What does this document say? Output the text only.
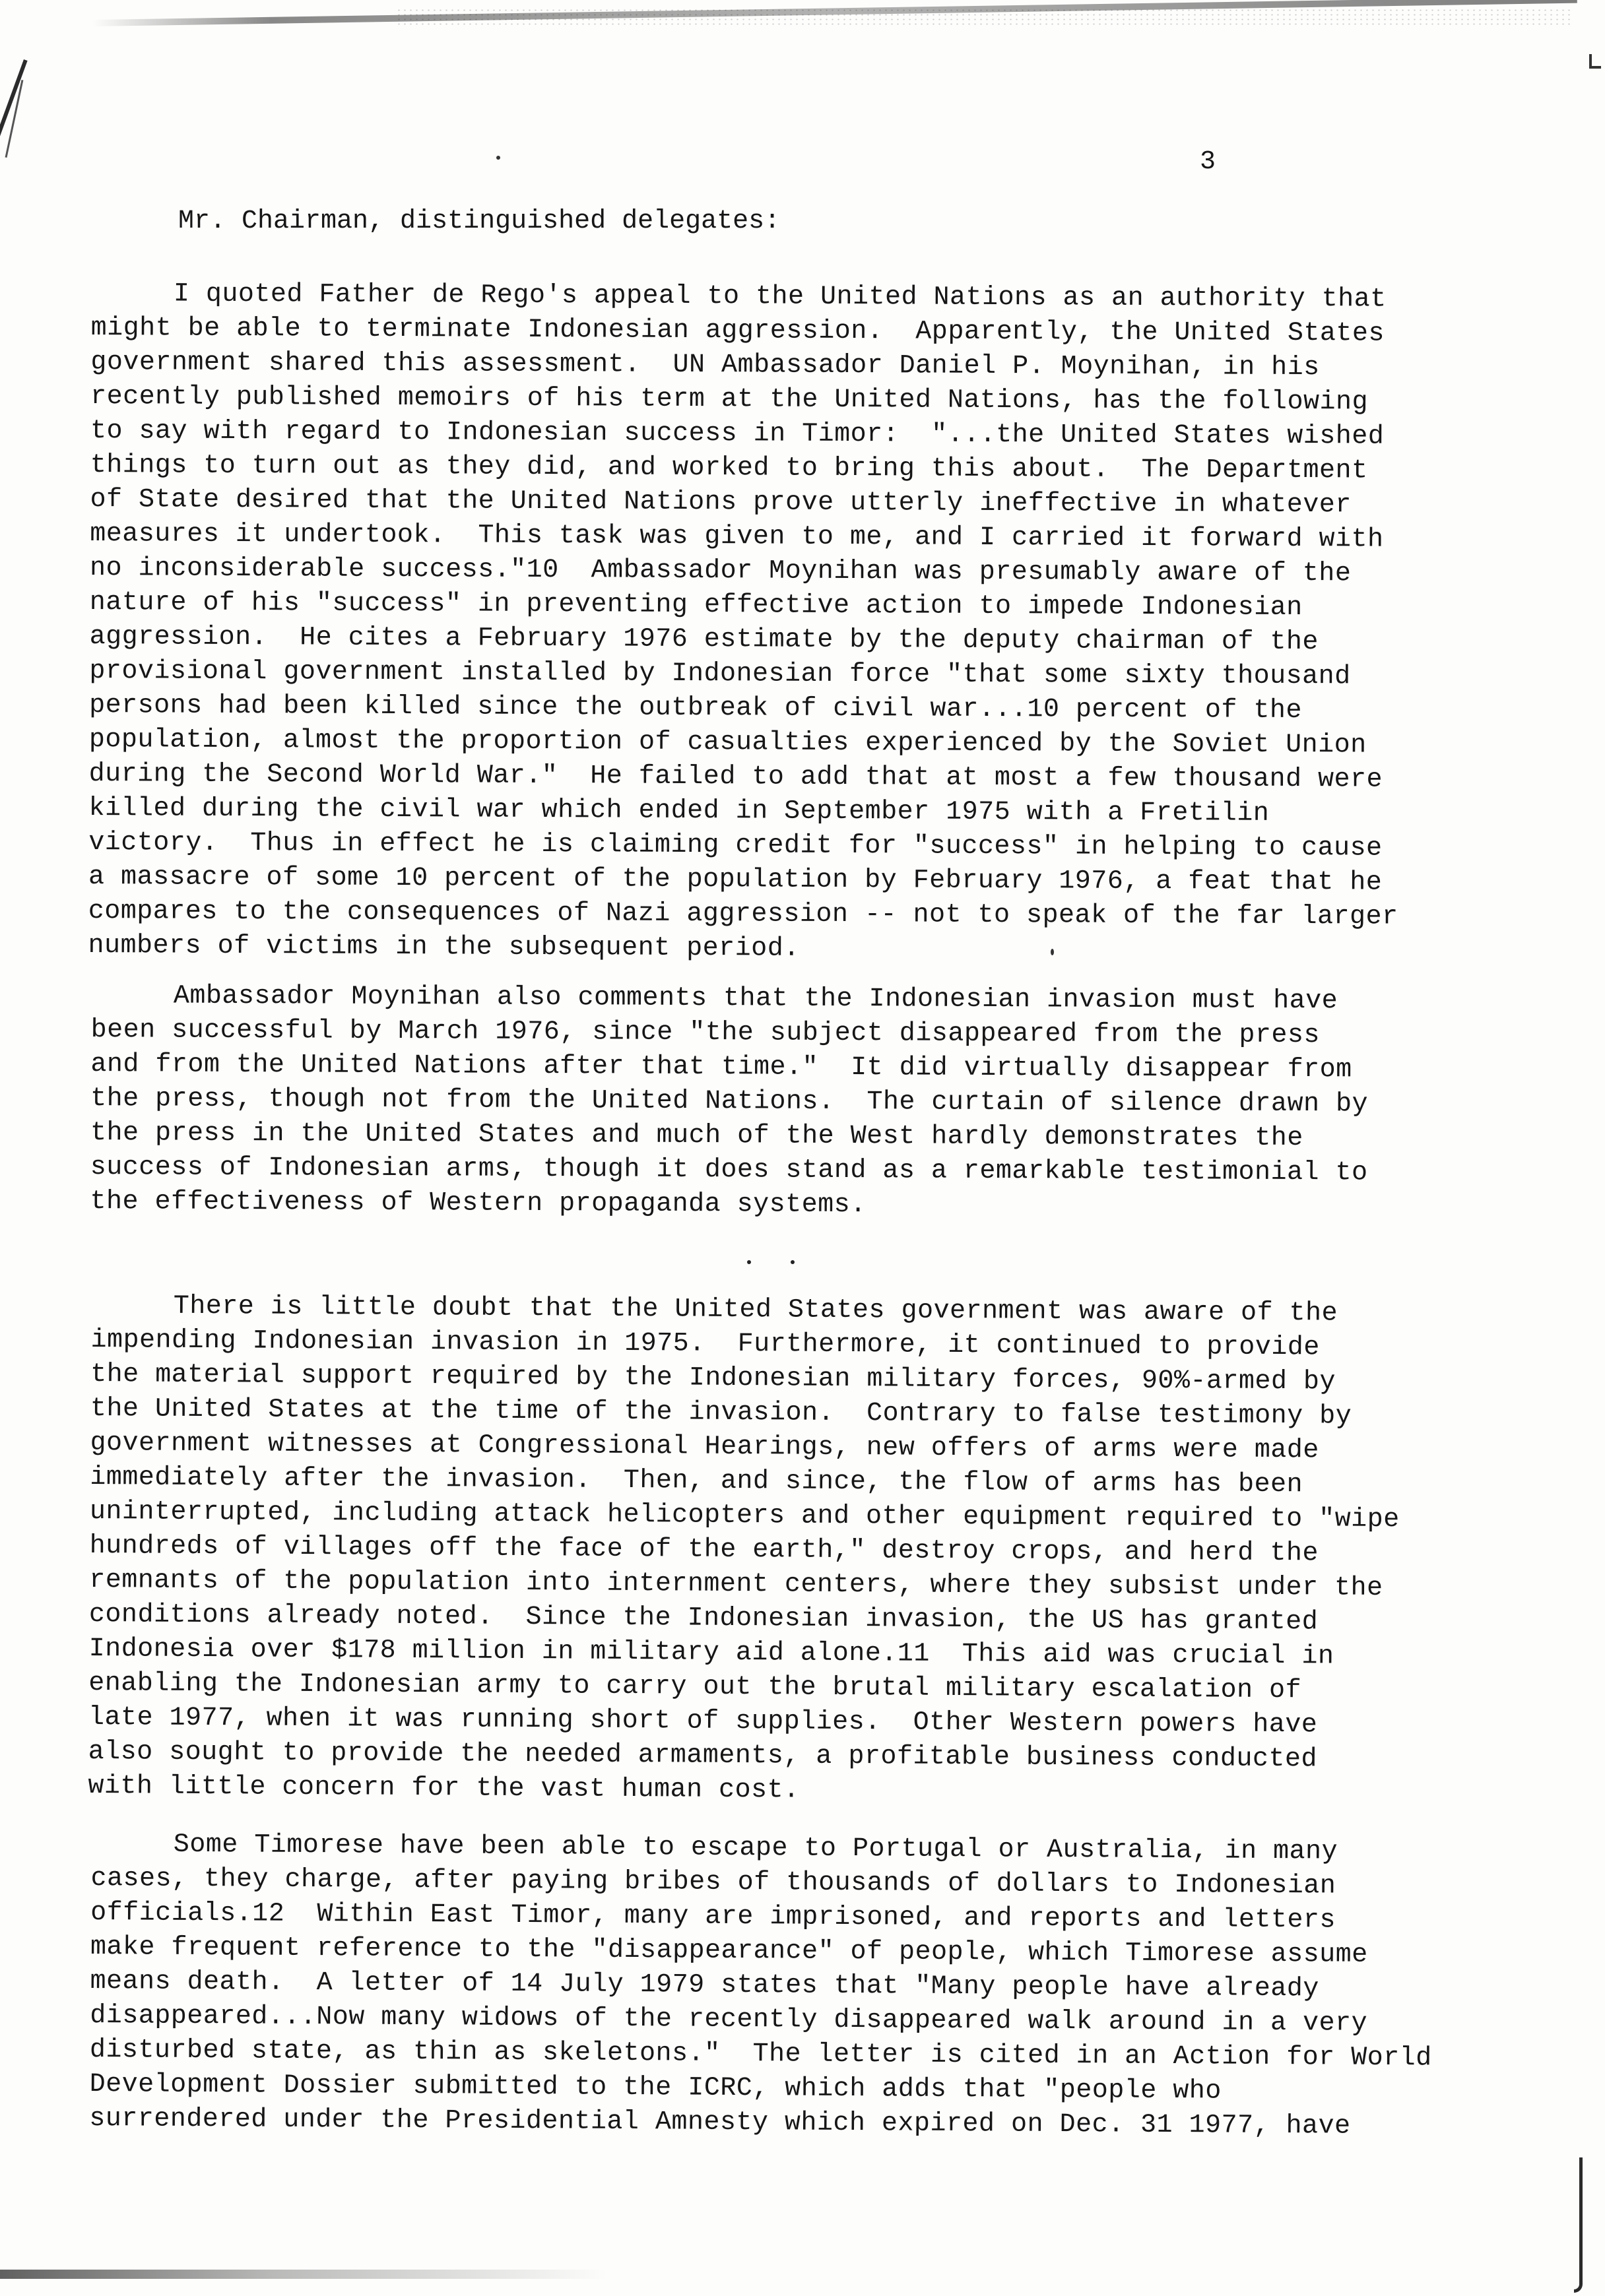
3
Mr. Chairman, distinguished delegates:
I quoted Father de Rego's appeal to the United Nations as an authority that
might be able to terminate Indonesian aggression.  Apparently, the United States
government shared this assessment.  UN Ambassador Daniel P. Moynihan, in his
recently published memoirs of his term at the United Nations, has the following
to say with regard to Indonesian success in Timor:  "...the United States wished
things to turn out as they did, and worked to bring this about.  The Department
of State desired that the United Nations prove utterly ineffective in whatever
measures it undertook.  This task was given to me, and I carried it forward with
no inconsiderable success."10  Ambassador Moynihan was presumably aware of the
nature of his "success" in preventing effective action to impede Indonesian
aggression.  He cites a February 1976 estimate by the deputy chairman of the
provisional government installed by Indonesian force "that some sixty thousand
persons had been killed since the outbreak of civil war...10 percent of the
population, almost the proportion of casualties experienced by the Soviet Union
during the Second World War."  He failed to add that at most a few thousand were
killed during the civil war which ended in September 1975 with a Fretilin
victory.  Thus in effect he is claiming credit for "success" in helping to cause
a massacre of some 10 percent of the population by February 1976, a feat that he
compares to the consequences of Nazi aggression -- not to speak of the far larger
numbers of victims in the subsequent period.
Ambassador Moynihan also comments that the Indonesian invasion must have
been successful by March 1976, since "the subject disappeared from the press
and from the United Nations after that time."  It did virtually disappear from
the press, though not from the United Nations.  The curtain of silence drawn by
the press in the United States and much of the West hardly demonstrates the
success of Indonesian arms, though it does stand as a remarkable testimonial to
the effectiveness of Western propaganda systems.
There is little doubt that the United States government was aware of the
impending Indonesian invasion in 1975.  Furthermore, it continued to provide
the material support required by the Indonesian military forces, 90%-armed by
the United States at the time of the invasion.  Contrary to false testimony by
government witnesses at Congressional Hearings, new offers of arms were made
immediately after the invasion.  Then, and since, the flow of arms has been
uninterrupted, including attack helicopters and other equipment required to "wipe
hundreds of villages off the face of the earth," destroy crops, and herd the
remnants of the population into internment centers, where they subsist under the
conditions already noted.  Since the Indonesian invasion, the US has granted
Indonesia over $178 million in military aid alone.11  This aid was crucial in
enabling the Indonesian army to carry out the brutal military escalation of
late 1977, when it was running short of supplies.  Other Western powers have
also sought to provide the needed armaments, a profitable business conducted
with little concern for the vast human cost.
Some Timorese have been able to escape to Portugal or Australia, in many
cases, they charge, after paying bribes of thousands of dollars to Indonesian
officials.12  Within East Timor, many are imprisoned, and reports and letters
make frequent reference to the "disappearance" of people, which Timorese assume
means death.  A letter of 14 July 1979 states that "Many people have already
disappeared...Now many widows of the recently disappeared walk around in a very
disturbed state, as thin as skeletons."  The letter is cited in an Action for World
Development Dossier submitted to the ICRC, which adds that "people who
surrendered under the Presidential Amnesty which expired on Dec. 31 1977, have
